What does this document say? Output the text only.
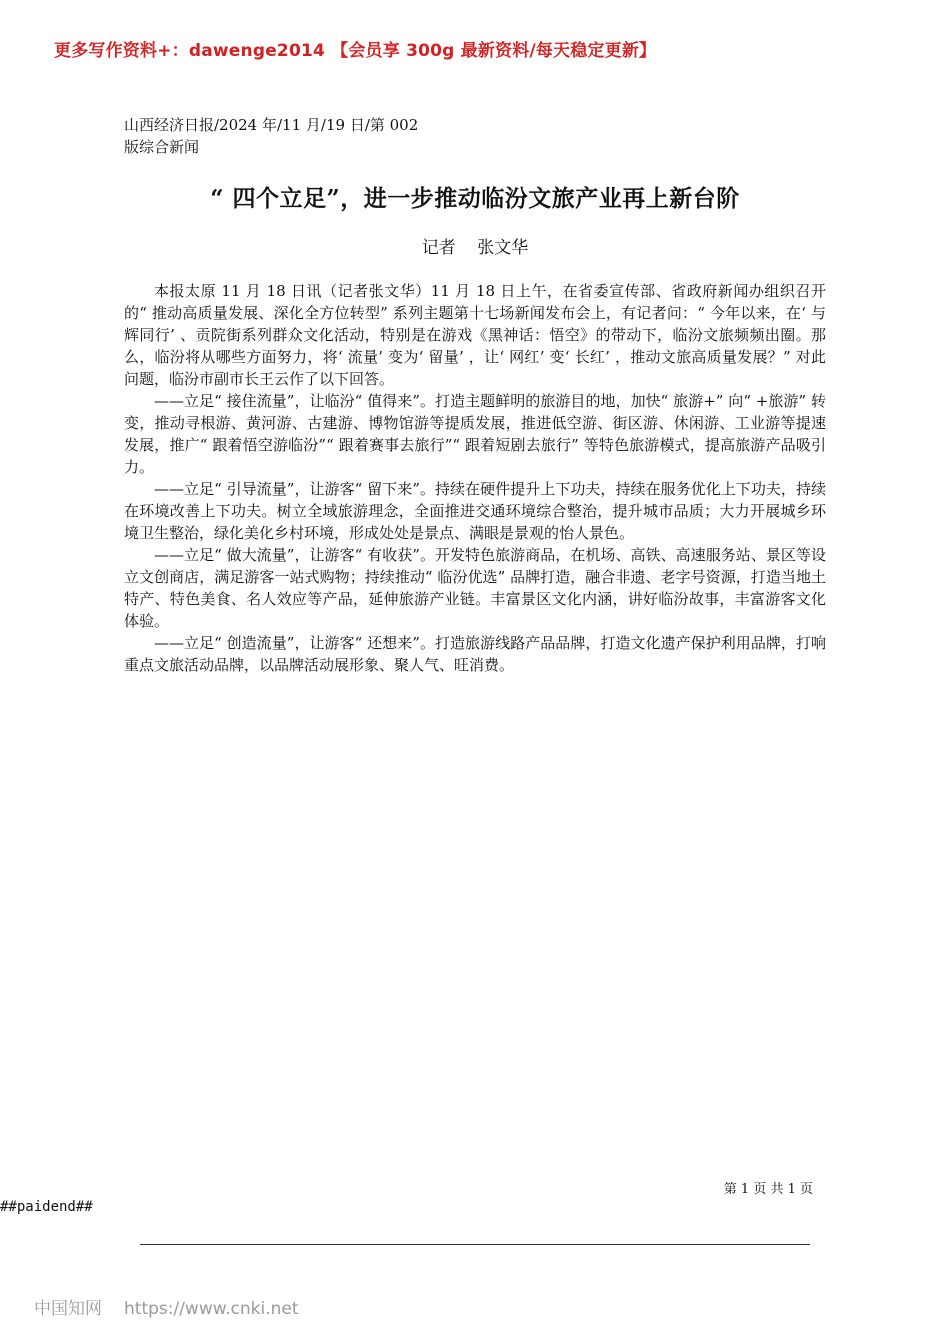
更多写作资料+：dawenge2014 【会员享 300g 最新资料/每天稳定更新】
山西经济日报/2024 年/11 月/19 日/第 002
版综合新闻
“ 四个立足”，进一步推动临汾文旅产业再上新台阶
记者    张文华

本报太原 11 月 18 日讯（记者张文华）11 月 18 日上午，在省委宣传部、省政府新闻办组织召开的“ 推动高质量发展、深化全方位转型” 系列主题第十七场新闻发布会上，有记者问：“ 今年以来，在‘ 与辉同行’ 、贡院街系列群众文化活动，特别是在游戏《黑神话：悟空》的带动下，临汾文旅频频出圈。那么，临汾将从哪些方面努力，将‘ 流量’ 变为‘ 留量’ ，让‘ 网红’ 变‘ 长红’ ，推动文旅高质量发展？” 对此问题，临汾市副市长王云作了以下回答。

——立足“ 接住流量”，让临汾“ 值得来”。打造主题鲜明的旅游目的地，加快“ 旅游+” 向“ +旅游” 转变，推动寻根游、黄河游、古建游、博物馆游等提质发展，推进低空游、街区游、休闲游、工业游等提速发展，推广“ 跟着悟空游临汾”“ 跟着赛事去旅行”“ 跟着短剧去旅行” 等特色旅游模式，提高旅游产品吸引力。

——立足“ 引导流量”，让游客“ 留下来”。持续在硬件提升上下功夫，持续在服务优化上下功夫，持续在环境改善上下功夫。树立全域旅游理念，全面推进交通环境综合整治，提升城市品质；大力开展城乡环境卫生整治，绿化美化乡村环境，形成处处是景点、满眼是景观的怡人景色。

——立足“ 做大流量”，让游客“ 有收获”。开发特色旅游商品，在机场、高铁、高速服务站、景区等设立文创商店，满足游客一站式购物；持续推动“ 临汾优选” 品牌打造，融合非遗、老字号资源，打造当地土特产、特色美食、名人效应等产品，延伸旅游产业链。丰富景区文化内涵，讲好临汾故事，丰富游客文化体验。

——立足“ 创造流量”，让游客“ 还想来”。打造旅游线路产品品牌，打造文化遗产保护利用品牌，打响重点文旅活动品牌，以品牌活动展形象、聚人气、旺消费。

第 1 页 共 1 页
##paidend##
中国知网 https://www.cnki.net
